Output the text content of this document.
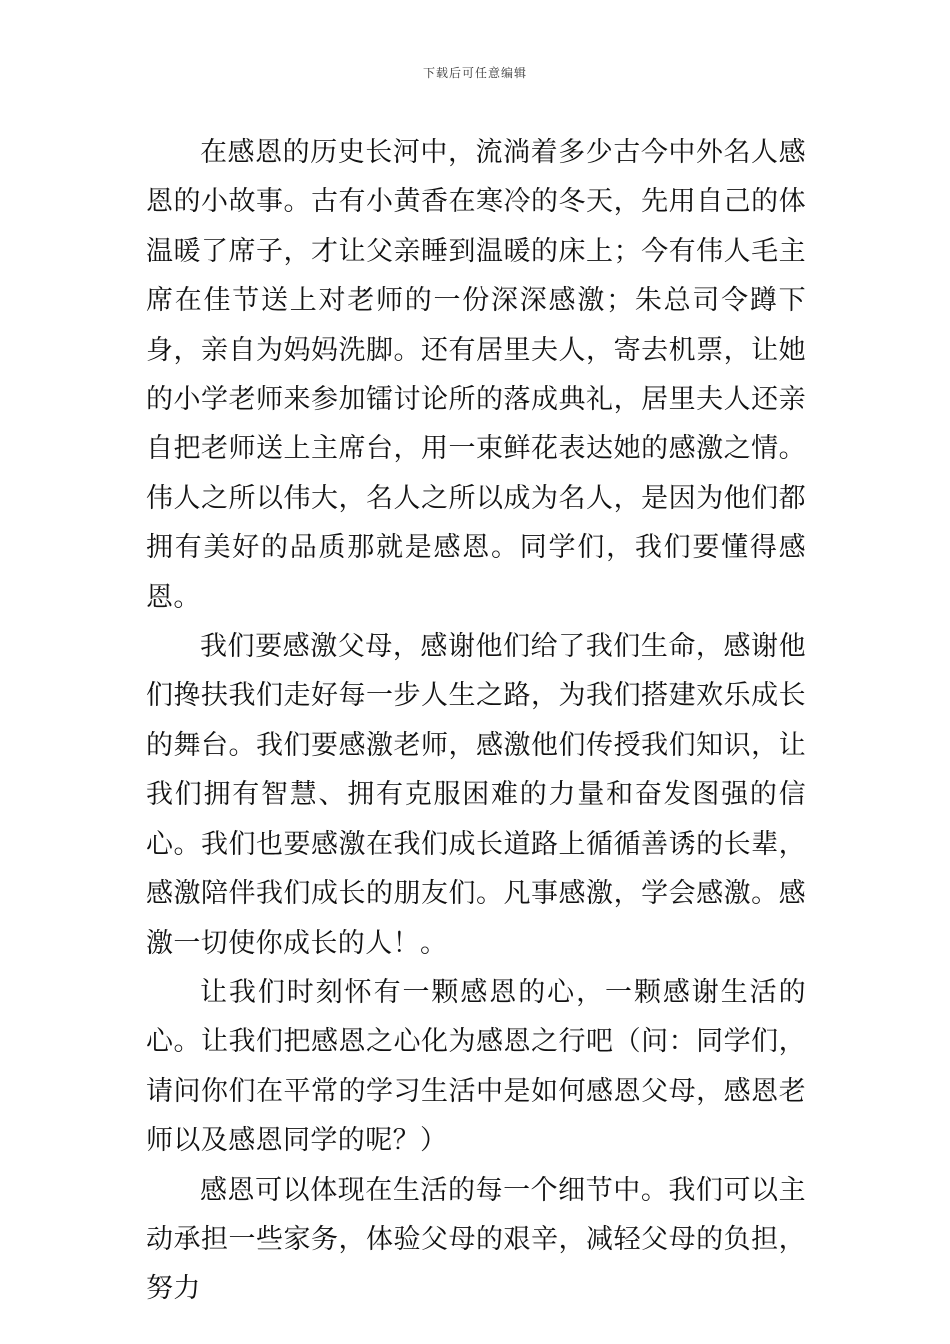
下载后可任意编辑

在感恩的历史长河中，流淌着多少古今中外名人感恩的小故事。古有小黄香在寒冷的冬天，先用自己的体温暖了席子，才让父亲睡到温暖的床上；今有伟人毛主席在佳节送上对老师的一份深深感激；朱总司令蹲下身，亲自为妈妈洗脚。还有居里夫人，寄去机票，让她的小学老师来参加镭讨论所的落成典礼，居里夫人还亲自把老师送上主席台，用一束鲜花表达她的感激之情。伟人之所以伟大，名人之所以成为名人，是因为他们都拥有美好的品质那就是感恩。同学们，我们要懂得感恩。

我们要感激父母，感谢他们给了我们生命，感谢他们搀扶我们走好每一步人生之路，为我们搭建欢乐成长的舞台。我们要感激老师，感激他们传授我们知识，让我们拥有智慧、拥有克服困难的力量和奋发图强的信心。我们也要感激在我们成长道路上循循善诱的长辈，感激陪伴我们成长的朋友们。凡事感激，学会感激。感激一切使你成长的人！。

让我们时刻怀有一颗感恩的心，一颗感谢生活的心。让我们把感恩之心化为感恩之行吧（问：同学们，请问你们在平常的学习生活中是如何感恩父母，感恩老师以及感恩同学的呢？）

感恩可以体现在生活的每一个细节中。我们可以主动承担一些家务，体验父母的艰辛，减轻父母的负担，努力
